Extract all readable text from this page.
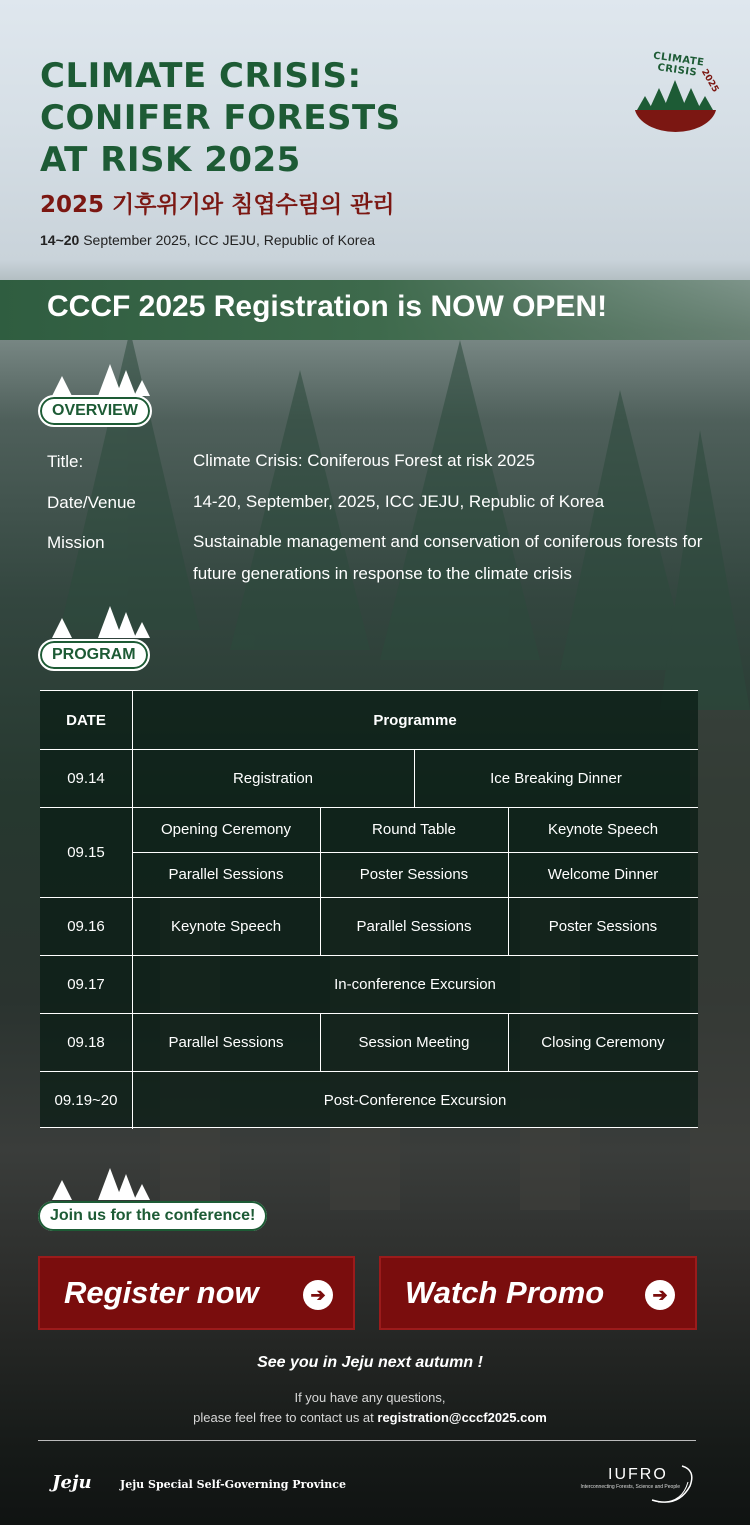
CLIMATE CRISIS:
CONIFER FORESTS
AT RISK 2025
2025 기후위기와 침엽수림의 관리
14~20 September 2025, ICC JEJU, Republic of Korea
CLIMATE CRISIS 2025
CCCF 2025 Registration is NOW OPEN!
OVERVIEW
Title:	Climate Crisis: Coniferous Forest at risk 2025
Date/Venue	14-20, September, 2025, ICC JEJU, Republic of Korea
Mission	Sustainable management and conservation of coniferous forests for future generations in response to the climate crisis
PROGRAM
DATE	Programme
09.14	Registration	Ice Breaking Dinner
09.15
Opening Ceremony	Round Table	Keynote Speech
Parallel Sessions	Poster Sessions	Welcome Dinner
09.16	Keynote Speech	Parallel Sessions	Poster Sessions
09.17	In-conference Excursion
09.18	Parallel Sessions	Session Meeting	Closing Ceremony
09.19~20	Post-Conference Excursion
Join us for the conference!
Register now	➔	Watch Promo	➔
See you in Jeju next autumn !
If you have any questions,
please feel free to contact us at registration@cccf2025.com
Jeju	Jeju Special Self-Governing Province
IUFRO
Interconnecting Forests, Science and People
